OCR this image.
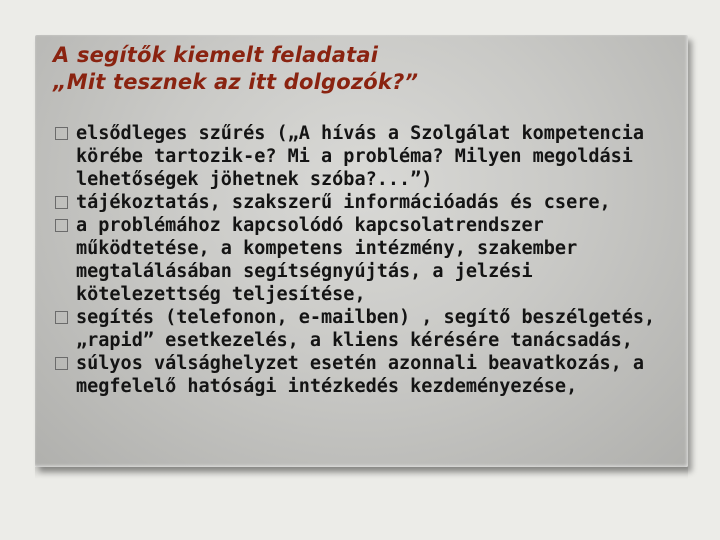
A segítők kiemelt feladatai
„Mit tesznek az itt dolgozók?”
elsődleges szűrés („A hívás a Szolgálat kompetencia körébe tartozik-e? Mi a probléma? Milyen megoldási lehetőségek jöhetnek szóba?...”)
tájékoztatás, szakszerű információadás és csere,
a problémához kapcsolódó kapcsolatrendszer működtetése, a kompetens intézmény, szakember megtalálásában segítségnyújtás, a jelzési kötelezettség teljesítése,
segítés (telefonon, e-mailben) , segítő beszélgetés, „rapid” esetkezelés, a kliens kérésére tanácsadás,
súlyos válsághelyzet esetén azonnali beavatkozás, a megfelelő hatósági intézkedés kezdeményezése,
